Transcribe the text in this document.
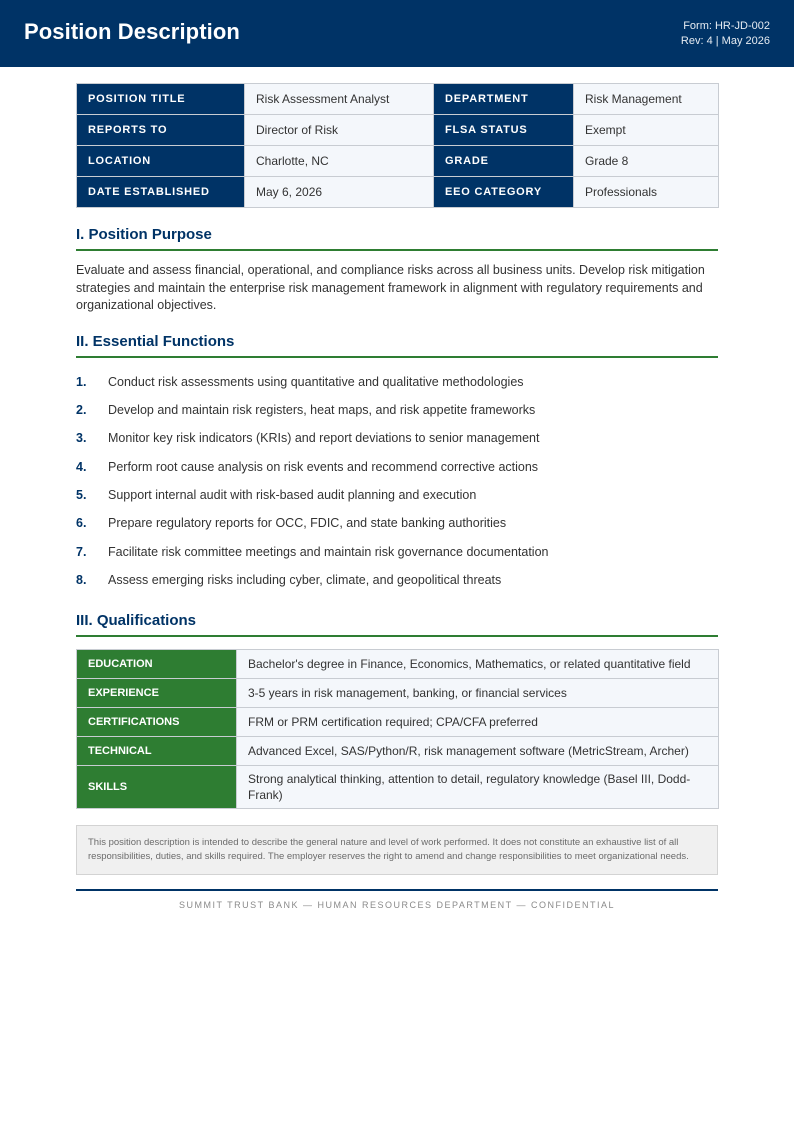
Position Description	Form: HR-JD-002
Rev: 4 | May 2026
POSITION TITLE	Risk Assessment Analyst	DEPARTMENT	Risk Management
REPORTS TO	Director of Risk	FLSA STATUS	Exempt
LOCATION	Charlotte, NC	GRADE	Grade 8
DATE ESTABLISHED	May 6, 2026	EEO CATEGORY	Professionals
I. Position Purpose
Evaluate and assess financial, operational, and compliance risks across all business units. Develop risk mitigation strategies and maintain the enterprise risk management framework in alignment with regulatory requirements and organizational objectives.
II. Essential Functions
1. Conduct risk assessments using quantitative and qualitative methodologies
2. Develop and maintain risk registers, heat maps, and risk appetite frameworks
3. Monitor key risk indicators (KRIs) and report deviations to senior management
4. Perform root cause analysis on risk events and recommend corrective actions
5. Support internal audit with risk-based audit planning and execution
6. Prepare regulatory reports for OCC, FDIC, and state banking authorities
7. Facilitate risk committee meetings and maintain risk governance documentation
8. Assess emerging risks including cyber, climate, and geopolitical threats
III. Qualifications
EDUCATION	Bachelor's degree in Finance, Economics, Mathematics, or related quantitative field
EXPERIENCE	3-5 years in risk management, banking, or financial services
CERTIFICATIONS	FRM or PRM certification required; CPA/CFA preferred
TECHNICAL	Advanced Excel, SAS/Python/R, risk management software (MetricStream, Archer)
SKILLS	Strong analytical thinking, attention to detail, regulatory knowledge (Basel III, Dodd-Frank)
This position description is intended to describe the general nature and level of work performed. It does not constitute an exhaustive list of all responsibilities, duties, and skills required. The employer reserves the right to amend and change responsibilities to meet organizational needs.
SUMMIT TRUST BANK — HUMAN RESOURCES DEPARTMENT — CONFIDENTIAL
